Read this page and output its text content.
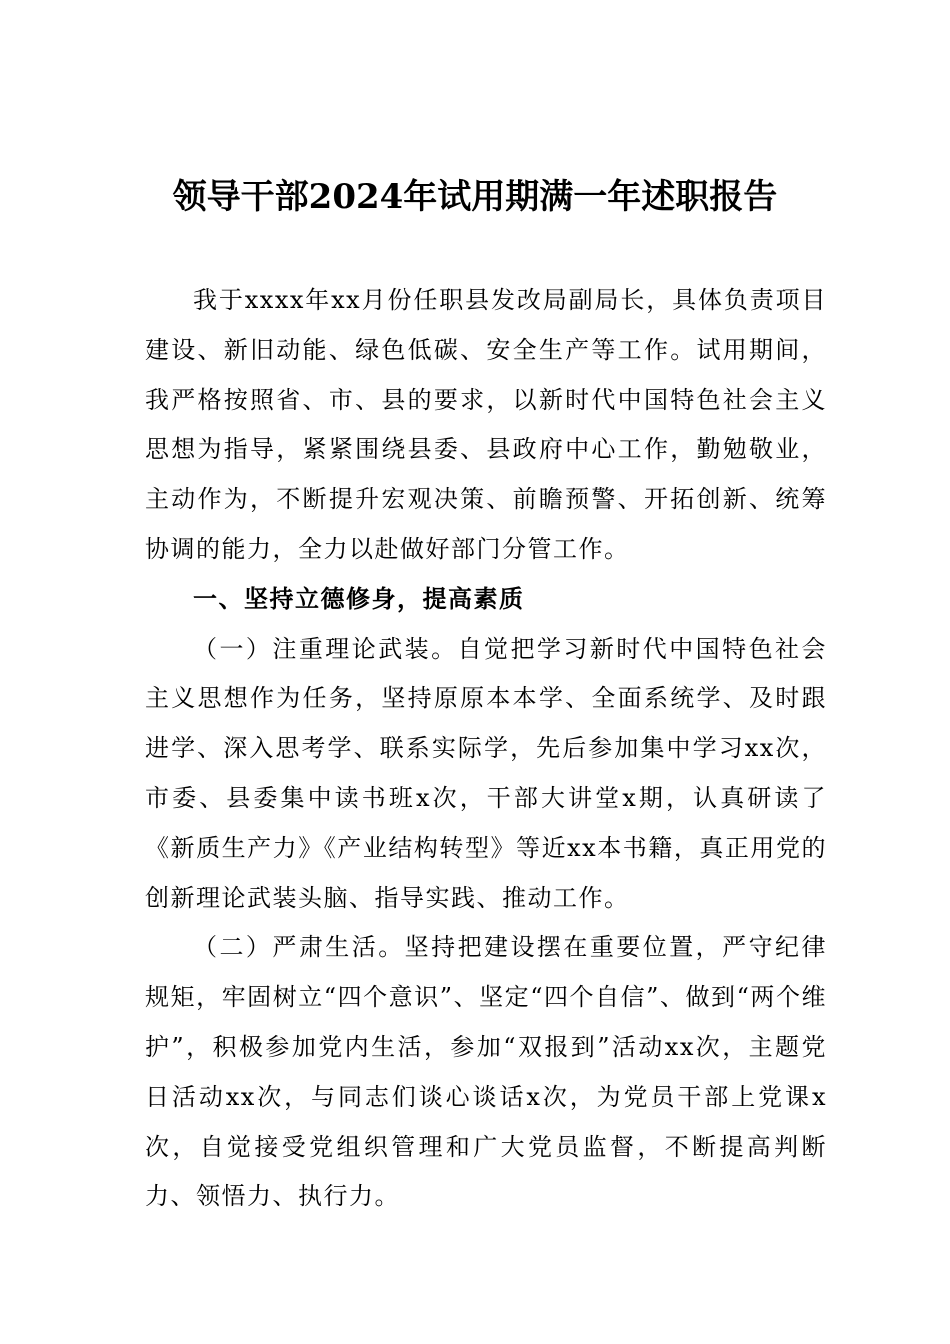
领导干部2024年试用期满一年述职报告

我于xxxx年xx月份任职县发改局副局长，具体负责项目建设、新旧动能、绿色低碳、安全生产等工作。试用期间，我严格按照省、市、县的要求，以新时代中国特色社会主义思想为指导，紧紧围绕县委、县政府中心工作，勤勉敬业，主动作为，不断提升宏观决策、前瞻预警、开拓创新、统筹协调的能力，全力以赴做好部门分管工作。

一、坚持立德修身，提高素质

（一）注重理论武装。自觉把学习新时代中国特色社会主义思想作为任务，坚持原原本本学、全面系统学、及时跟进学、深入思考学、联系实际学，先后参加集中学习xx次，市委、县委集中读书班x次，干部大讲堂x期，认真研读了《新质生产力》《产业结构转型》等近xx本书籍，真正用党的创新理论武装头脑、指导实践、推动工作。

（二）严肃生活。坚持把建设摆在重要位置，严守纪律规矩，牢固树立“四个意识”、坚定“四个自信”、做到“两个维护”，积极参加党内生活，参加“双报到”活动xx次，主题党日活动xx次，与同志们谈心谈话x次，为党员干部上党课x次，自觉接受党组织管理和广大党员监督，不断提高判断力、领悟力、执行力。
